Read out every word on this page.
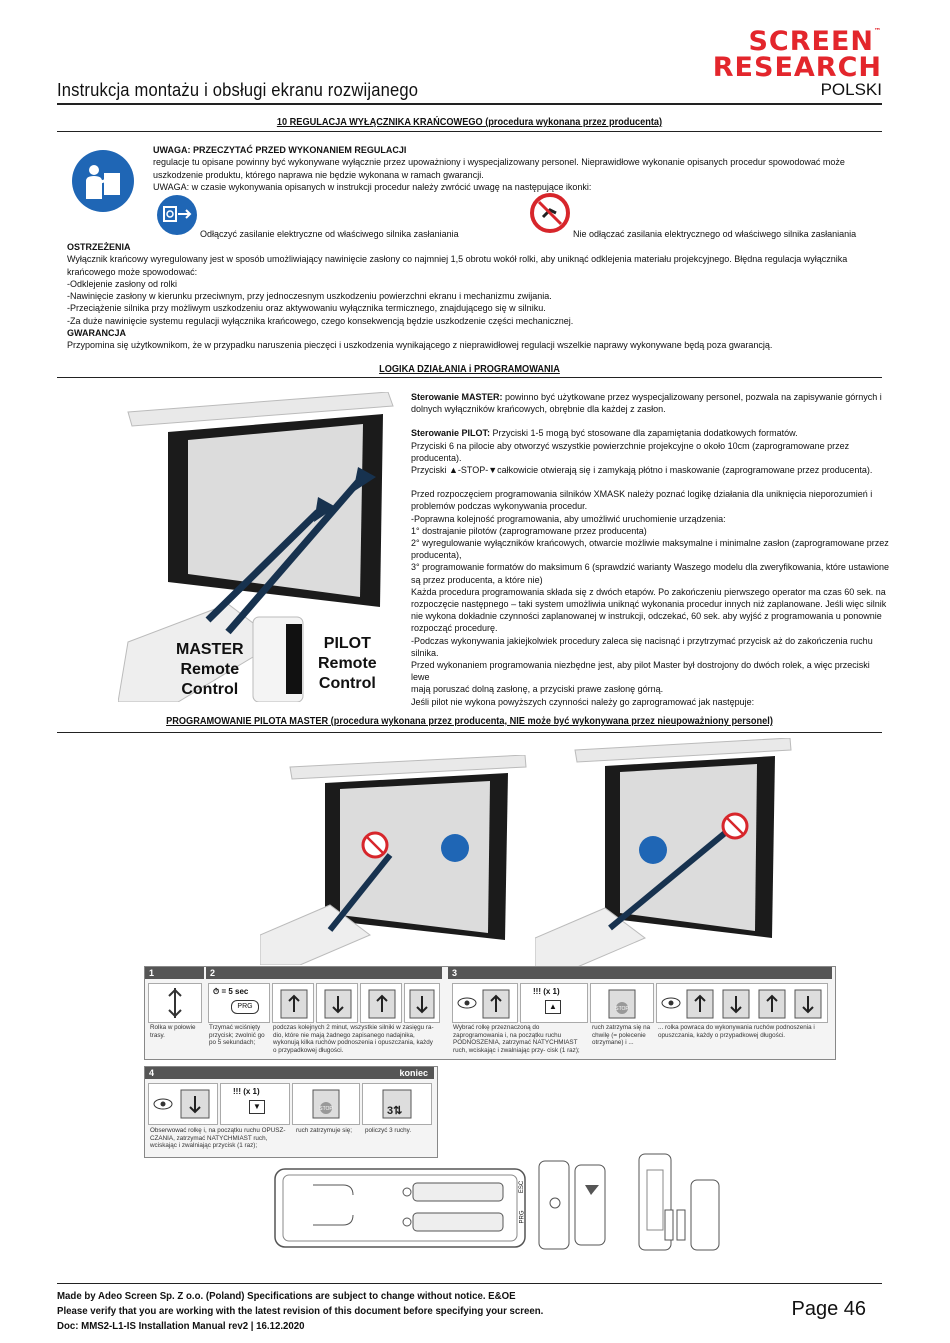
SCREEN™
RESEARCH
Instrukcja montażu i obsługi ekranu rozwijanego	POLSKI
10 REGULACJA WYŁĄCZNIKA KRAŃCOWEGO (procedura wykonana przez producenta)
UWAGA: PRZECZYTAĆ PRZED WYKONANIEM REGULACJI
regulacje tu opisane powinny być wykonywane wyłącznie przez upoważniony i wyspecjalizowany personel. Nieprawidłowe wykonanie opisanych procedur spowodować może
uszkodzenie produktu, którego naprawa nie będzie wykonana w ramach gwarancji.
UWAGA: w czasie wykonywania opisanych w instrukcji procedur należy zwrócić uwagę na następujące ikonki:
Odłączyć zasilanie elektryczne od właściwego silnika zasłaniania	Nie odłączać zasilania elektrycznego od właściwego silnika zasłaniania
OSTRZEŻENIA
Wyłącznik krańcowy wyregulowany jest w sposób umożliwiający nawinięcie zasłony co najmniej 1,5 obrotu wokół rolki, aby uniknąć odklejenia materiału projekcyjnego. Błędna regulacja wyłącznika
krańcowego może spowodować:
-Odklejenie zasłony od rolki
-Nawinięcie zasłony w kierunku przeciwnym, przy jednoczesnym uszkodzeniu powierzchni ekranu i mechanizmu zwijania.
-Przeciążenie silnika przy możliwym uszkodzeniu oraz aktywowaniu wyłącznika termicznego, znajdującego się w silniku.
-Za duże nawinięcie systemu regulacji wyłącznika krańcowego, czego konsekwencją będzie uszkodzenie części mechanicznej.
GWARANCJA
Przypomina się użytkownikom, że w przypadku naruszenia pieczęci i uszkodzenia wynikającego z nieprawidłowej regulacji wszelkie naprawy wykonywane będą poza gwarancją.
LOGIKA DZIAŁANIA i PROGRAMOWANIA
MASTER
Remote
Control
PILOT
Remote
Control
Sterowanie MASTER: powinno być użytkowane przez wyspecjalizowany personel, pozwala na zapisywanie górnych i
dolnych wyłączników krańcowych, obrębnie dla każdej z zasłon.
Sterowanie PILOT: Przyciski 1-5 mogą być stosowane dla zapamiętania dodatkowych formatów.
Przyciski 6 na pilocie aby otworzyć wszystkie powierzchnie projekcyjne o około 10cm (zaprogramowane przez
producenta).
Przyciski ▲-STOP-▼całkowicie otwierają się i zamykają płótno i maskowanie (zaprogramowane przez producenta).
Przed rozpoczęciem programowania silników XMASK należy poznać logikę działania dla uniknięcia nieporozumień i
problemów podczas wykonywania procedur.
-Poprawna kolejność programowania, aby umożliwić uruchomienie urządzenia:
1° dostrajanie pilotów (zaprogramowane przez producenta)
2° wyregulowanie wyłączników krańcowych, otwarcie możliwie maksymalne i minimalne zasłon (zaprogramowane przez
producenta),
3° programowanie formatów do maksimum 6 (sprawdzić warianty Waszego modelu dla zweryfikowania, które ustawione
są przez producenta, a które nie)
Każda procedura programowania składa się z dwóch etapów. Po zakończeniu pierwszego operator ma czas 60 sek. na
rozpoczęcie następnego – taki system umożliwia uniknąć wykonania procedur innych niż zaplanowane. Jeśli więc silnik
nie wykona dokładnie czynności zaplanowanej w instrukcji, odczekać, 60 sek. aby wyjść z programowania u ponownie
rozpocząć procedurę.
-Podczas wykonywania jakiejkolwiek procedury zaleca się nacisnąć i przytrzymać przycisk aż do zakończenia ruchu
silnika.
Przed wykonaniem programowania niezbędne jest, aby pilot Master był dostrojony do dwóch rolek, a więc przeciski lewe
mają poruszać dolną zasłonę, a przyciski prawe zasłonę górną.
Jeśli pilot nie wykona powyższych czynności należy go zaprogramować jak następuje:
PROGRAMOWANIE PILOTA MASTER (procedura wykonana przez producenta, NIE może być wykonywana przez nieupoważniony personel)
1	2	3
⏱ = 5 sec
PRG
!!! (x 1)
▲	STOP
Rolka w połowie trasy.
Trzymać wciśnięty przycisk; zwolnić go po 5 sekundach;
podczas kolejnych 2 minut, wszystkie silniki w zasięgu ra- dio, które nie mają żadnego zapisanego nadajnika, wykonują kilka ruchów podnoszenia i opuszczania, każdy o przypadkowej długości.
Wybrać rolkę przeznaczoną do zaprogramowania i, na początku ruchu PODNOSZENIA, zatrzymać NATYCHMIAST ruch, wciskając i zwalniając przy- cisk (1 raz);
ruch zatrzyma się na chwilę (= polecenie otrzymane) i ...
... rolka powraca do wykonywania ruchów podnoszenia i opuszczania, każdy o przypadkowej długości.
4	koniec
!!! (x 1)
▼	STOP	3⇅
Obserwować rolkę i, na początku ruchu OPUSZ- CZANIA, zatrzymać NATYCHMIAST ruch, wciskając i zwalniając przycisk (1 raz);
ruch zatrzymuje się;	policzyć 3 ruchy.
ESC
PRG
Made by Adeo Screen Sp. Z o.o. (Poland) Specifications are subject to change without notice. E&OE
Please verify that you are working with the latest revision of this document before specifying your screen.
Doc: MMS2-L1-IS Installation Manual rev2 | 16.12.2020
Page 46
